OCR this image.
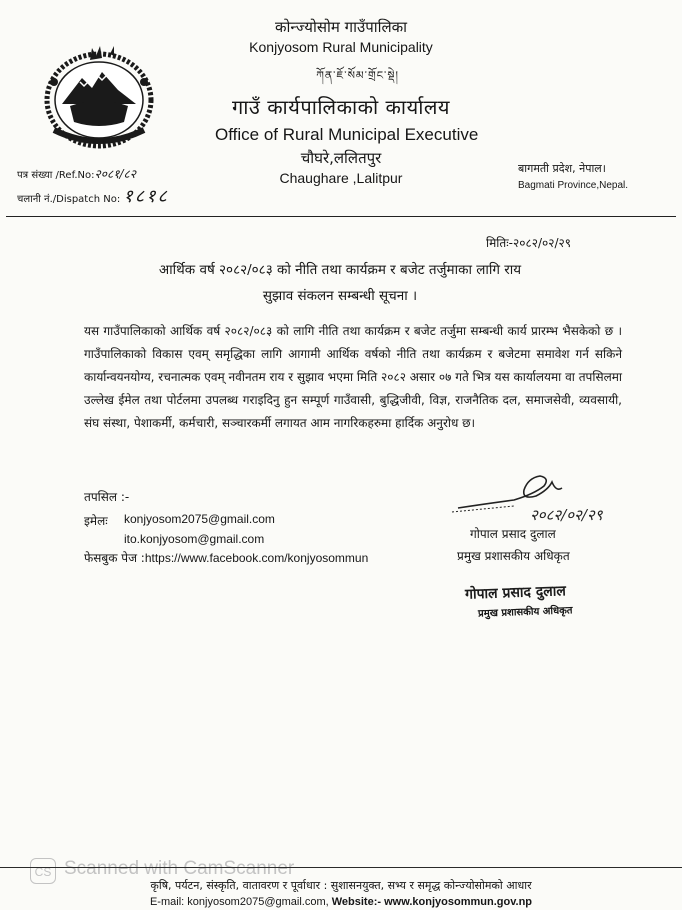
कोन्ज्योसोम गाउँपालिका
Konjyosom Rural Municipality
ཀོན་ཇོ་སོམ་གྲོང་སྡེ།
गाउँ कार्यपालिकाको कार्यालय
Office of Rural Municipal Executive
चौघरे,ललितपुर
Chaughare ,Lalitpur
पत्र संख्या /Ref.No:२०८१/८२
चलानी नं./Dispatch No: १८१८
बागमती प्रदेश, नेपाल।
Bagmati Province,Nepal.
मितिः-२०८२/०२/२९
आर्थिक वर्ष २०८२/०८३ को नीति तथा कार्यक्रम र बजेट तर्जुमाका लागि राय
सुझाव संकलन सम्बन्धी सूचना ।
यस गाउँपालिकाको आर्थिक वर्ष २०८२/०८३ को लागि नीति तथा कार्यक्रम र बजेट तर्जुमा सम्बन्धी कार्य प्रारम्भ भैसकेको छ । गाउँपालिकाको विकास एवम् समृद्धिका लागि आगामी आर्थिक वर्षको नीति तथा कार्यक्रम र बजेटमा समावेश गर्न सकिने कार्यान्वयनयोग्य, रचनात्मक एवम् नवीनतम राय र सुझाव भएमा मिति २०८२ असार ०७ गते भित्र यस कार्यालयमा वा तपसिलमा उल्लेख ईमेल तथा पोर्टलमा उपलब्ध गराइदिनु हुन सम्पूर्ण गाउँवासी, बुद्धिजीवी, विज्ञ, राजनैतिक दल, समाजसेवी, व्यवसायी, संघ संस्था, पेशाकर्मी, कर्मचारी, सञ्चारकर्मी लगायत आम नागरिकहरुमा हार्दिक अनुरोध छ।
तपसिल :-
इमेलः konjyosom2075@gmail.com
ito.konjyosom@gmail.com
फेसबुक पेज :https://www.facebook.com/konjyosommun
२०८२/०२/२९
गोपाल प्रसाद दुलाल
प्रमुख प्रशासकीय अधिकृत
गोपाल प्रसाद दुलाल
प्रमुख प्रशासकीय अधिकृत
CS Scanned with CamScanner
कृषि, पर्यटन, संस्कृति, वातावरण र पूर्वाधार : सुशासनयुक्त, सभ्य र समृद्ध कोन्ज्योसोमको आधार
E-mail: konjyosom2075@gmail.com, Website:- www.konjyosommun.gov.np
